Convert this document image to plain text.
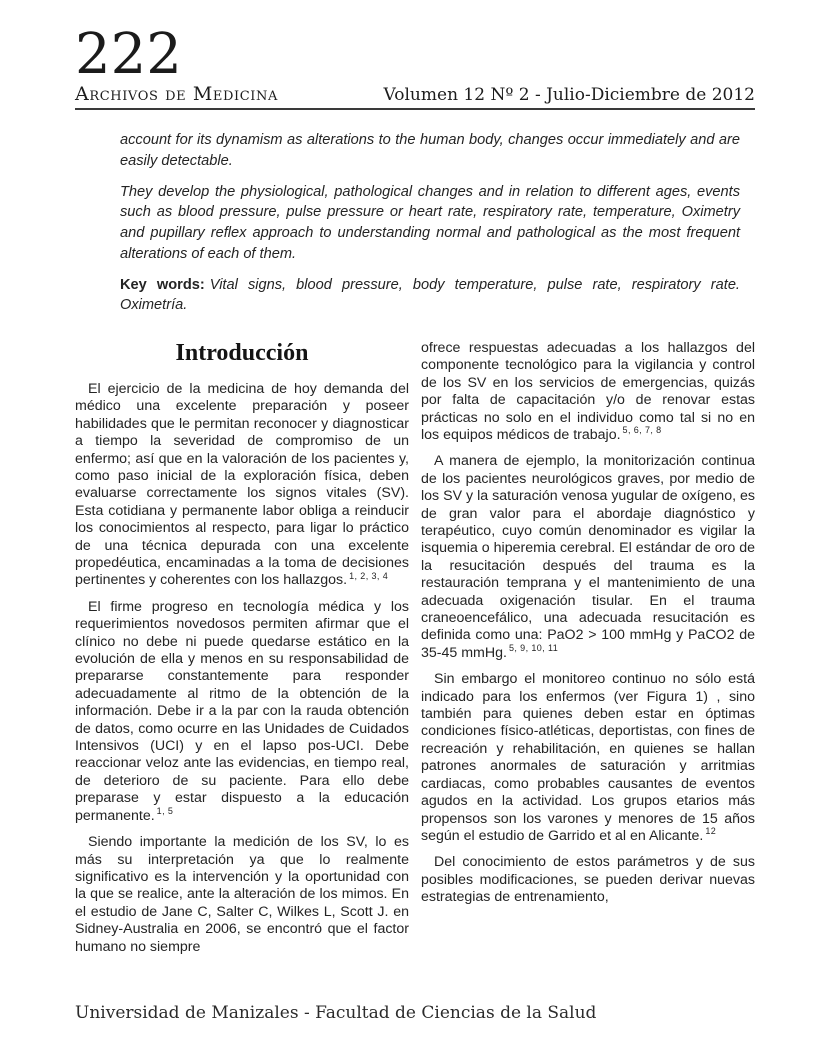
222
Archivos de Medicina	Volumen 12 Nº 2 - Julio-Diciembre de 2012

account for its dynamism as alterations to the human body, changes occur immediately and are easily detectable.

They develop the physiological, pathological changes and in relation to different ages, events such as blood pressure, pulse pressure or heart rate, respiratory rate, temperature, Oximetry and pupillary reflex approach to understanding normal and pathological as the most frequent alterations of each of them.

Key words: Vital signs, blood pressure, body temperature, pulse rate, respiratory rate. Oximetría.

Introducción

El ejercicio de la medicina de hoy demanda del médico una excelente preparación y poseer habilidades que le permitan reconocer y diagnosticar a tiempo la severidad de compromiso de un enfermo; así que en la valoración de los pacientes y, como paso inicial de la exploración física, deben evaluarse correctamente los signos vitales (SV). Esta cotidiana y permanente labor obliga a reinducir los conocimientos al respecto, para ligar lo práctico de una técnica depurada con una excelente propedéutica, encaminadas a la toma de decisiones pertinentes y coherentes con los hallazgos. $^{1, 2, 3, 4}$

El firme progreso en tecnología médica y los requerimientos novedosos permiten afirmar que el clínico no debe ni puede quedarse estático en la evolución de ella y menos en su responsabilidad de prepararse constantemente para responder adecuadamente al ritmo de la obtención de la información. Debe ir a la par con la rauda obtención de datos, como ocurre en las Unidades de Cuidados Intensivos (UCI) y en el lapso pos-UCI. Debe reaccionar veloz ante las evidencias, en tiempo real, de deterioro de su paciente. Para ello debe preparase y estar dispuesto a la educación permanente. $^{1, 5}$

Siendo importante la medición de los SV, lo es más su interpretación ya que lo realmente significativo es la intervención y la oportunidad con la que se realice, ante la alteración de los mimos. En el estudio de Jane C, Salter C, Wilkes L, Scott J. en Sidney-Australia en 2006, se encontró que el factor humano no siempre

ofrece respuestas adecuadas a los hallazgos del componente tecnológico para la vigilancia y control de los SV en los servicios de emergencias, quizás por falta de capacitación y/o de renovar estas prácticas no solo en el individuo como tal si no en los equipos médicos de trabajo. $^{5, 6, 7, 8}$

A manera de ejemplo, la monitorización continua de los pacientes neurológicos graves, por medio de los SV y la saturación venosa yugular de oxígeno, es de gran valor para el abordaje diagnóstico y terapéutico, cuyo común denominador es vigilar la isquemia o hiperemia cerebral. El estándar de oro de la resucitación después del trauma es la restauración temprana y el mantenimiento de una adecuada oxigenación tisular. En el trauma craneoencefálico, una adecuada resucitación es definida como una: PaO2 > 100 mmHg y PaCO2 de 35-45 mmHg. $^{5, 9, 10, 11}$

Sin embargo el monitoreo continuo no sólo está indicado para los enfermos (ver Figura 1) , sino también para quienes deben estar en óptimas condiciones físico-atléticas, deportistas, con fines de recreación y rehabilitación, en quienes se hallan patrones anormales de saturación y arritmias cardiacas, como probables causantes de eventos agudos en la actividad. Los grupos etarios más propensos son los varones y menores de 15 años según el estudio de Garrido et al en Alicante. $^{12}$

Del conocimiento de estos parámetros y de sus posibles modificaciones, se pueden derivar nuevas estrategias de entrenamiento,

Universidad de Manizales - Facultad de Ciencias de la Salud
